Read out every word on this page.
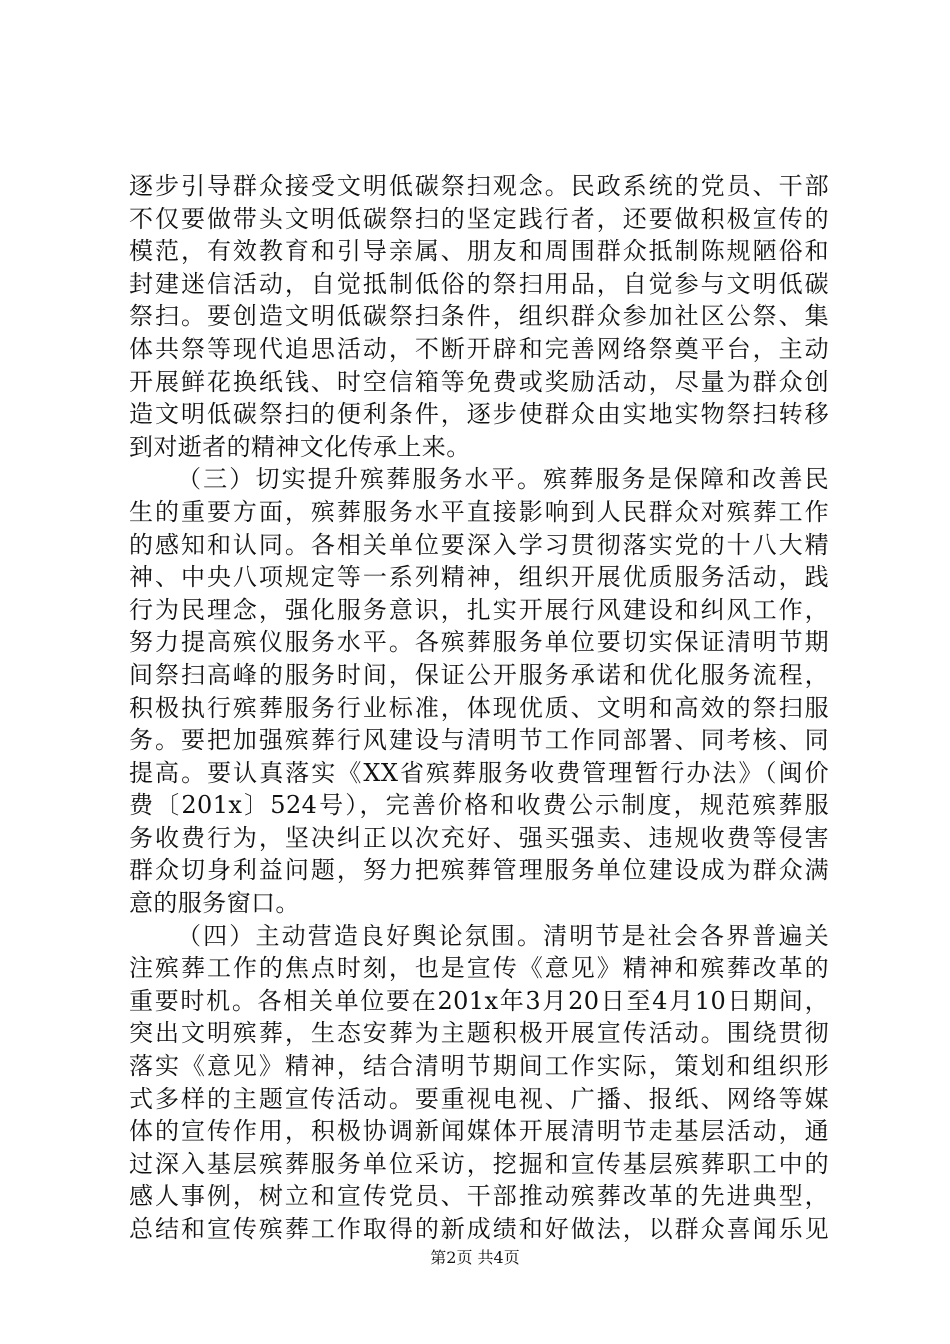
逐步引导群众接受文明低碳祭扫观念。民政系统的党员、干部
不仅要做带头文明低碳祭扫的坚定践行者，还要做积极宣传的
模范，有效教育和引导亲属、朋友和周围群众抵制陈规陋俗和
封建迷信活动，自觉抵制低俗的祭扫用品，自觉参与文明低碳
祭扫。要创造文明低碳祭扫条件，组织群众参加社区公祭、集
体共祭等现代追思活动，不断开辟和完善网络祭奠平台，主动
开展鲜花换纸钱、时空信箱等免费或奖励活动，尽量为群众创
造文明低碳祭扫的便利条件，逐步使群众由实地实物祭扫转移
到对逝者的精神文化传承上来。
（三）切实提升殡葬服务水平。殡葬服务是保障和改善民
生的重要方面，殡葬服务水平直接影响到人民群众对殡葬工作
的感知和认同。各相关单位要深入学习贯彻落实党的十八大精
神、中央八项规定等一系列精神，组织开展优质服务活动，践
行为民理念，强化服务意识，扎实开展行风建设和纠风工作，
努力提高殡仪服务水平。各殡葬服务单位要切实保证清明节期
间祭扫高峰的服务时间，保证公开服务承诺和优化服务流程，
积极执行殡葬服务行业标准，体现优质、文明和高效的祭扫服
务。要把加强殡葬行风建设与清明节工作同部署、同考核、同
提高。要认真落实《XX省殡葬服务收费管理暂行办法》（闽价
费〔201x〕524号），完善价格和收费公示制度，规范殡葬服
务收费行为，坚决纠正以次充好、强买强卖、违规收费等侵害
群众切身利益问题，努力把殡葬管理服务单位建设成为群众满
意的服务窗口。
（四）主动营造良好舆论氛围。清明节是社会各界普遍关
注殡葬工作的焦点时刻，也是宣传《意见》精神和殡葬改革的
重要时机。各相关单位要在201x年3月20日至4月10日期间，
突出文明殡葬，生态安葬为主题积极开展宣传活动。围绕贯彻
落实《意见》精神，结合清明节期间工作实际，策划和组织形
式多样的主题宣传活动。要重视电视、广播、报纸、网络等媒
体的宣传作用，积极协调新闻媒体开展清明节走基层活动，通
过深入基层殡葬服务单位采访，挖掘和宣传基层殡葬职工中的
感人事例，树立和宣传党员、干部推动殡葬改革的先进典型，
总结和宣传殡葬工作取得的新成绩和好做法，以群众喜闻乐见
第2页 共4页
